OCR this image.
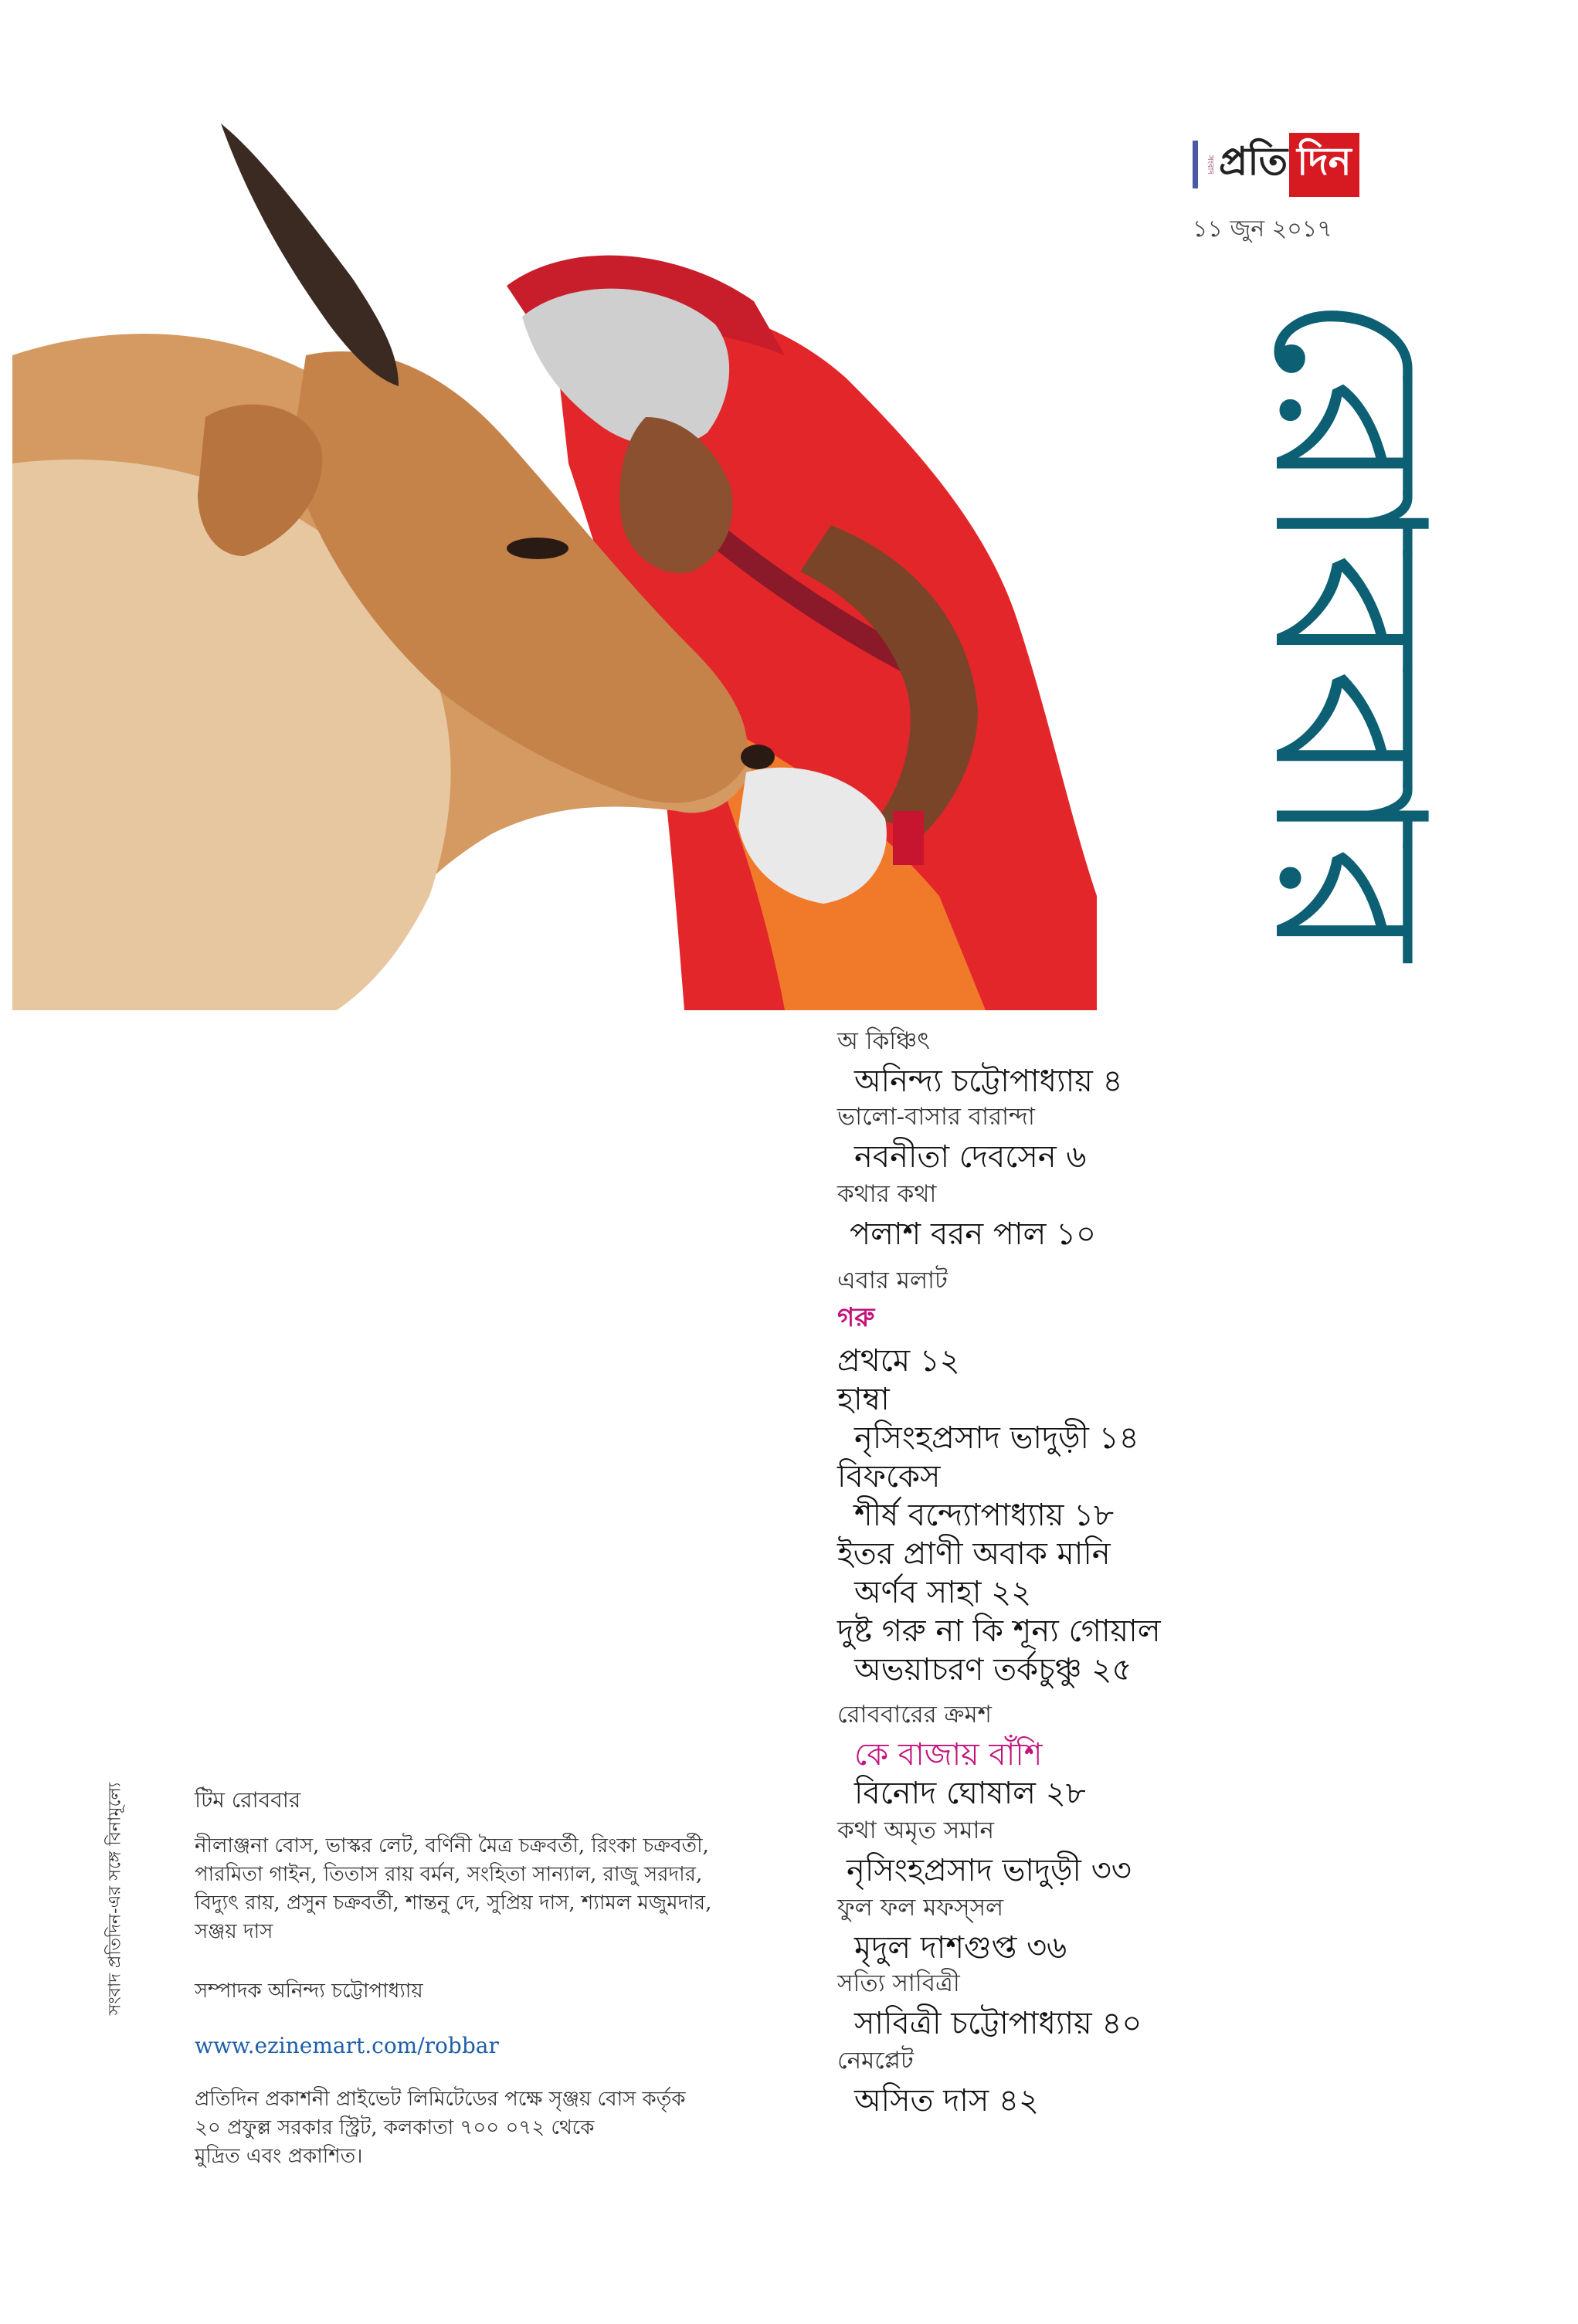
সংবাদ প্রতি দিন
১১ জুন ২০১৭
রোববার
অ কিঞ্চিৎ
অনিন্দ্য চট্টোপাধ্যায় ৪
ভালো-বাসার বারান্দা
নবনীতা দেবসেন ৬
কথার কথা
পলাশ বরন পাল ১০
এবার মলাট
গরু
প্রথমে ১২
হাম্বা
নৃসিংহপ্রসাদ ভাদুড়ী ১৪
বিফকেস
শীর্ষ বন্দ্যোপাধ্যায় ১৮
ইতর প্রাণী অবাক মানি
অর্ণব সাহা ২২
দুষ্ট গরু না কি শূন্য গোয়াল
অভয়াচরণ তর্কচুঞ্চু ২৫
রোববারের ক্রমশ
কে বাজায় বাঁশি
বিনোদ ঘোষাল ২৮
কথা অমৃত সমান
নৃসিংহপ্রসাদ ভাদুড়ী ৩৩
ফুল ফল মফস্সল
মৃদুল দাশগুপ্ত ৩৬
সত্যি সাবিত্রী
সাবিত্রী চট্টোপাধ্যায় ৪০
নেমপ্লেট
অসিত দাস ৪২
টিম রোববার
নীলাঞ্জনা বোস, ভাস্কর লেট, বর্ণিনী মৈত্র চক্রবর্তী, রিংকা চক্রবর্তী,
পারমিতা গাইন, তিতাস রায় বর্মন, সংহিতা সান্যাল, রাজু সরদার,
বিদ্যুৎ রায়, প্রসুন চক্রবর্তী, শান্তনু দে, সুপ্রিয় দাস, শ্যামল মজুমদার,
সঞ্জয় দাস
সম্পাদক অনিন্দ্য চট্টোপাধ্যায়
www.ezinemart.com/robbar
প্রতিদিন প্রকাশনী প্রাইভেট লিমিটেডের পক্ষে সৃঞ্জয় বোস কর্তৃক
২০ প্রফুল্ল সরকার স্ট্রিট, কলকাতা ৭০০ ০৭২ থেকে
মুদ্রিত এবং প্রকাশিত।
সংবাদ প্রতিদিন-এর সঙ্গে বিনামূল্যে
